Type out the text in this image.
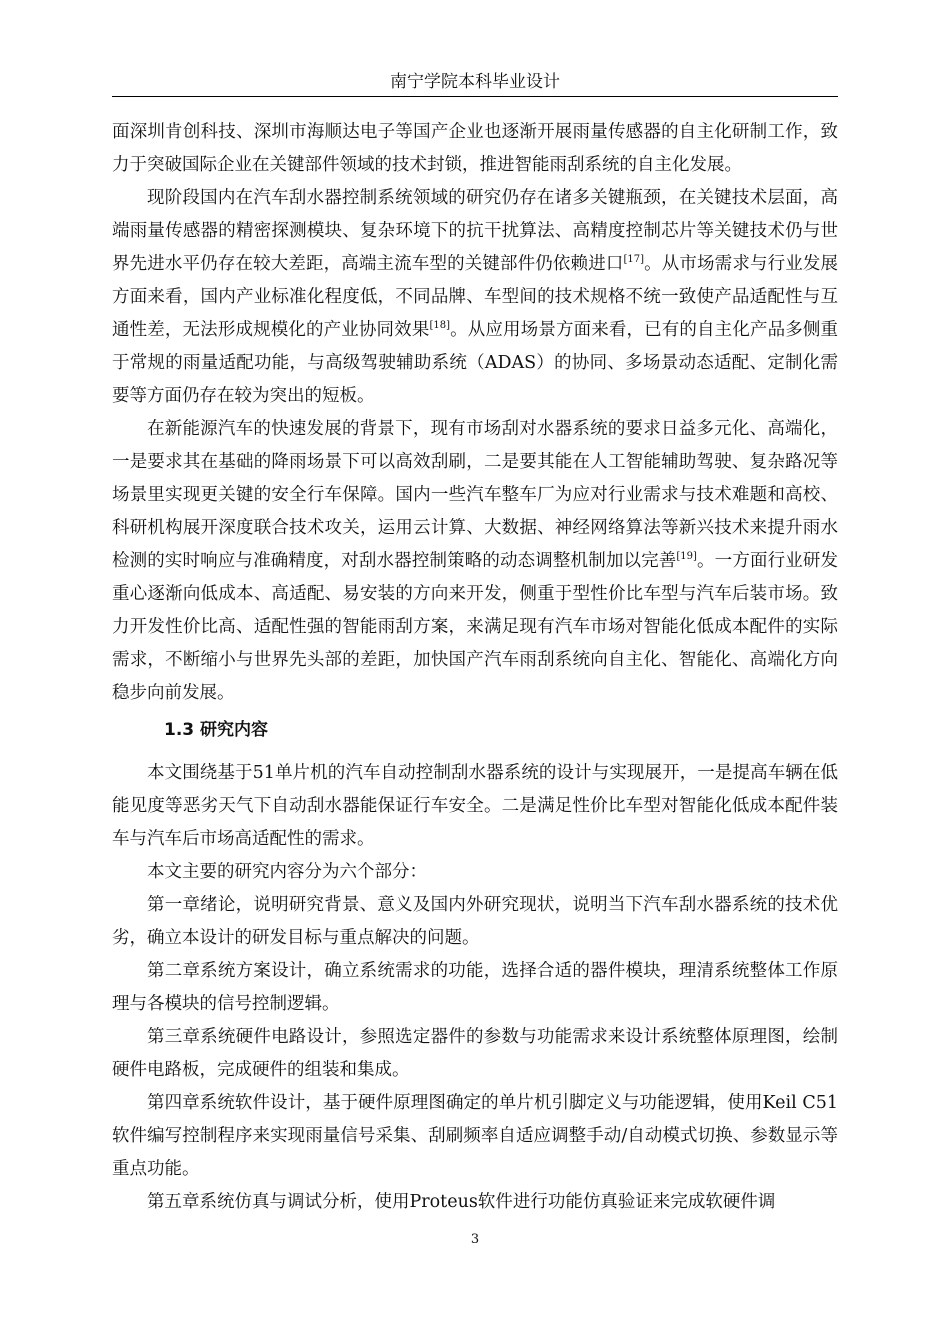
南宁学院本科毕业设计

面深圳肯创科技、深圳市海顺达电子等国产企业也逐渐开展雨量传感器的自主化研制工作，致力于突破国际企业在关键部件领域的技术封锁，推进智能雨刮系统的自主化发展。

现阶段国内在汽车刮水器控制系统领域的研究仍存在诸多关键瓶颈，在关键技术层面，高端雨量传感器的精密探测模块、复杂环境下的抗干扰算法、高精度控制芯片等关键技术仍与世界先进水平仍存在较大差距，高端主流车型的关键部件仍依赖进口[17]。从市场需求与行业发展方面来看，国内产业标准化程度低，不同品牌、车型间的技术规格不统一致使产品适配性与互通性差，无法形成规模化的产业协同效果[18]。从应用场景方面来看，已有的自主化产品多侧重于常规的雨量适配功能，与高级驾驶辅助系统（ADAS）的协同、多场景动态适配、定制化需要等方面仍存在较为突出的短板。

在新能源汽车的快速发展的背景下，现有市场刮对水器系统的要求日益多元化、高端化，一是要求其在基础的降雨场景下可以高效刮刷，二是要其能在人工智能辅助驾驶、复杂路况等场景里实现更关键的安全行车保障。国内一些汽车整车厂为应对行业需求与技术难题和高校、科研机构展开深度联合技术攻关，运用云计算、大数据、神经网络算法等新兴技术来提升雨水检测的实时响应与准确精度，对刮水器控制策略的动态调整机制加以完善[19]。一方面行业研发重心逐渐向低成本、高适配、易安装的方向来开发，侧重于型性价比车型与汽车后装市场。致力开发性价比高、适配性强的智能雨刮方案，来满足现有汽车市场对智能化低成本配件的实际需求，不断缩小与世界先头部的差距，加快国产汽车雨刮系统向自主化、智能化、高端化方向稳步向前发展。

1.3 研究内容

本文围绕基于51单片机的汽车自动控制刮水器系统的设计与实现展开，一是提高车辆在低能见度等恶劣天气下自动刮水器能保证行车安全。二是满足性价比车型对智能化低成本配件装车与汽车后市场高适配性的需求。

本文主要的研究内容分为六个部分：

第一章绪论，说明研究背景、意义及国内外研究现状，说明当下汽车刮水器系统的技术优劣，确立本设计的研发目标与重点解决的问题。

第二章系统方案设计，确立系统需求的功能，选择合适的器件模块，理清系统整体工作原理与各模块的信号控制逻辑。

第三章系统硬件电路设计，参照选定器件的参数与功能需求来设计系统整体原理图，绘制硬件电路板，完成硬件的组装和集成。

第四章系统软件设计，基于硬件原理图确定的单片机引脚定义与功能逻辑，使用Keil C51软件编写控制程序来实现雨量信号采集、刮刷频率自适应调整手动/自动模式切换、参数显示等重点功能。

第五章系统仿真与调试分析，使用Proteus软件进行功能仿真验证来完成软硬件调

3
